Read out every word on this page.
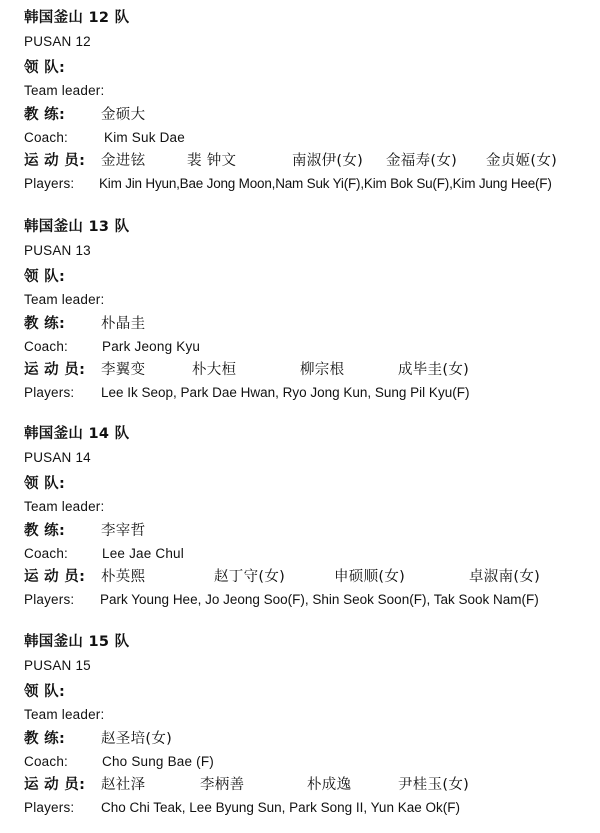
韩国釜山 12 队
PUSAN 12
领 队:
Team leader:
教 练: 金硕大
Coach:	Kim Suk Dae
运 动 员: 金进铉	裴 钟文	南淑伊(女) 金福寿(女) 金贞姬(女)
Players: Kim Jin Hyun,Bae Jong Moon,Nam Suk Yi(F),Kim Bok Su(F),Kim Jung Hee(F)
韩国釜山 13 队
PUSAN 13
领 队:
Team leader:
教 练: 朴晶圭
Coach:	Park Jeong Kyu
运 动 员: 李翼变	朴大桓	柳宗根	成毕圭(女)
Players: Lee Ik Seop, Park Dae Hwan, Ryo Jong Kun, Sung Pil Kyu(F)
韩国釜山 14 队
PUSAN 14
领 队:
Team leader:
教 练: 李宰哲
Coach:	Lee Jae Chul
运 动 员: 朴英熙	赵丁守(女)	申硕顺(女)	卓淑南(女)
Players: Park Young Hee, Jo Jeong Soo(F), Shin Seok Soon(F), Tak Sook Nam(F)
韩国釜山 15 队
PUSAN 15
领 队:
Team leader:
教 练: 赵圣培(女)
Coach:	Cho Sung Bae (F)
运 动 员: 赵社泽	李柄善	朴成逸	尹桂玉(女)
Players: Cho Chi Teak, Lee Byung Sun, Park Song II, Yun Kae Ok(F)
